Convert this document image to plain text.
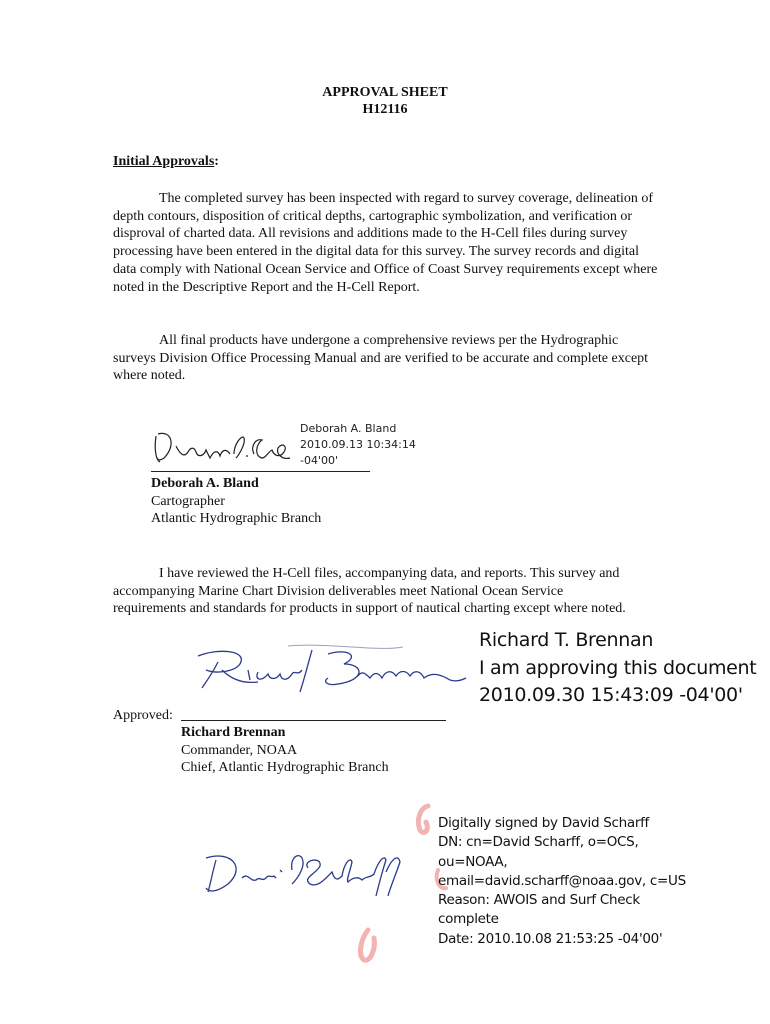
APPROVAL SHEET
H12116
Initial Approvals:

The completed survey has been inspected with regard to survey coverage, delineation of depth contours, disposition of critical depths, cartographic symbolization, and verification or disproval of charted data. All revisions and additions made to the H-Cell files during survey processing have been entered in the digital data for this survey. The survey records and digital data comply with National Ocean Service and Office of Coast Survey requirements except where noted in the Descriptive Report and the H-Cell Report.

All final products have undergone a comprehensive reviews per the Hydrographic surveys Division Office Processing Manual and are verified to be accurate and complete except where noted.

Deborah A. Bland
2010.09.13 10:34:14
-04'00'
Deborah A. Bland
Cartographer
Atlantic Hydrographic Branch

I have reviewed the H-Cell files, accompanying data, and reports. This survey and accompanying Marine Chart Division deliverables meet National Ocean Service requirements and standards for products in support of nautical charting except where noted.

Richard T. Brennan
I am approving this document
2010.09.30 15:43:09 -04'00'
Approved:
Richard Brennan
Commander, NOAA
Chief, Atlantic Hydrographic Branch
Digitally signed by David Scharff
DN: cn=David Scharff, o=OCS,
ou=NOAA,
email=david.scharff@noaa.gov, c=US
Reason: AWOIS and Surf Check
complete
Date: 2010.10.08 21:53:25 -04'00'
